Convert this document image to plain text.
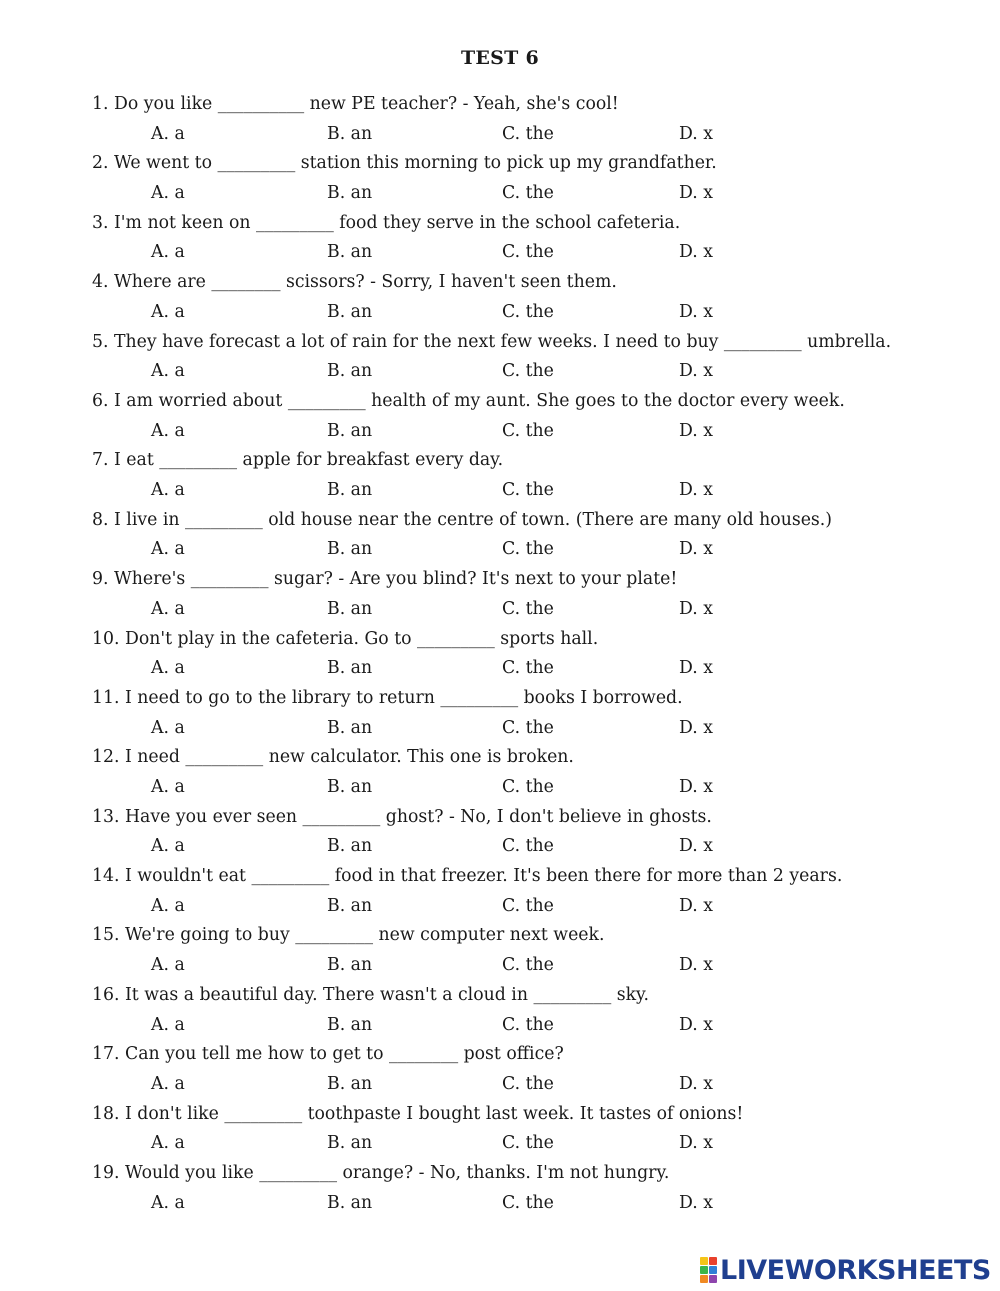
TEST 6
1. Do you like __________ new PE teacher? - Yeah, she's cool!
A. a	B. an	C. the	D. x
2. We went to _________ station this morning to pick up my grandfather.
A. a	B. an	C. the	D. x
3. I'm not keen on _________ food they serve in the school cafeteria.
A. a	B. an	C. the	D. x
4. Where are ________ scissors? - Sorry, I haven't seen them.
A. a	B. an	C. the	D. x
5. They have forecast a lot of rain for the next few weeks. I need to buy _________ umbrella.
A. a	B. an	C. the	D. x
6. I am worried about _________ health of my aunt. She goes to the doctor every week.
A. a	B. an	C. the	D. x
7. I eat _________ apple for breakfast every day.
A. a	B. an	C. the	D. x
8. I live in _________ old house near the centre of town. (There are many old houses.)
A. a	B. an	C. the	D. x
9. Where's _________ sugar? - Are you blind? It's next to your plate!
A. a	B. an	C. the	D. x
10. Don't play in the cafeteria. Go to _________ sports hall.
A. a	B. an	C. the	D. x
11. I need to go to the library to return _________ books I borrowed.
A. a	B. an	C. the	D. x
12. I need _________ new calculator. This one is broken.
A. a	B. an	C. the	D. x
13. Have you ever seen _________ ghost? - No, I don't believe in ghosts.
A. a	B. an	C. the	D. x
14. I wouldn't eat _________ food in that freezer. It's been there for more than 2 years.
A. a	B. an	C. the	D. x
15. We're going to buy _________ new computer next week.
A. a	B. an	C. the	D. x
16. It was a beautiful day. There wasn't a cloud in _________ sky.
A. a	B. an	C. the	D. x
17. Can you tell me how to get to ________ post office?
A. a	B. an	C. the	D. x
18. I don't like _________ toothpaste I bought last week. It tastes of onions!
A. a	B. an	C. the	D. x
19. Would you like _________ orange? - No, thanks. I'm not hungry.
A. a	B. an	C. the	D. x
LIVEWORKSHEETS
